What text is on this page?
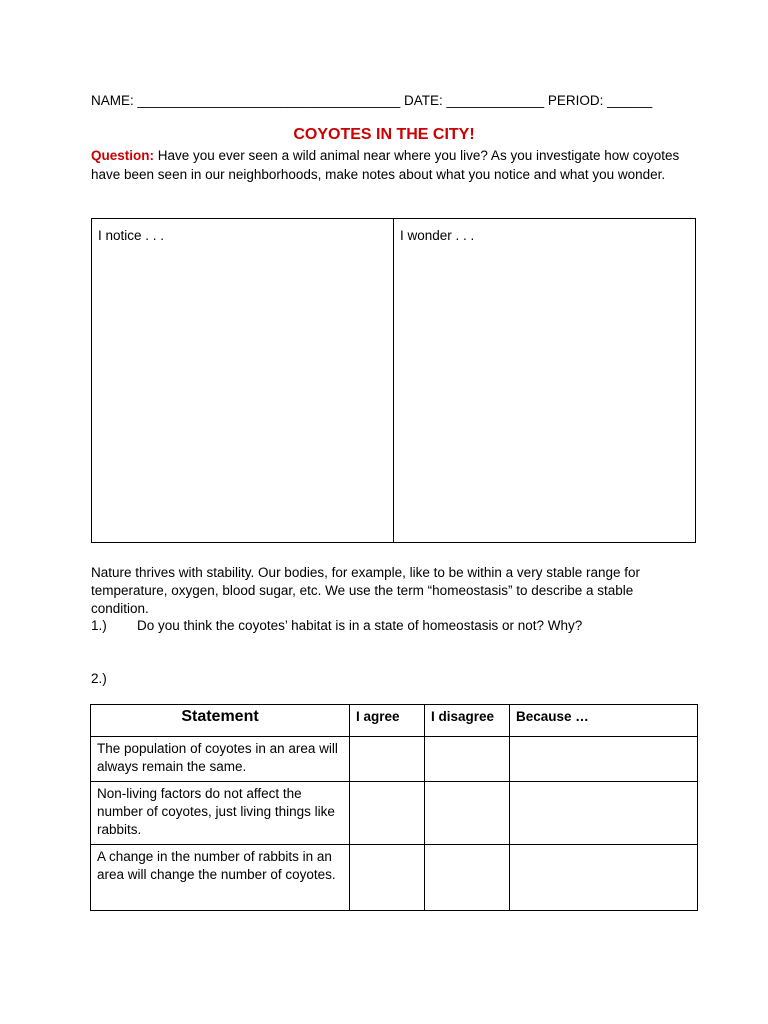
NAME: ___________________________________ DATE: _____________ PERIOD: ______
COYOTES IN THE CITY!
Question: Have you ever seen a wild animal near where you live? As you investigate how coyotes have been seen in our neighborhoods, make notes about what you notice and what you wonder.
I notice . . .	I wonder . . .
Nature thrives with stability. Our bodies, for example, like to be within a very stable range for temperature, oxygen, blood sugar, etc. We use the term “homeostasis” to describe a stable condition.
1.)	Do you think the coyotes’ habitat is in a state of homeostasis or not? Why?
2.)
Statement	I agree	I disagree	Because …
The population of coyotes in an area will always remain the same.			
Non-living factors do not affect the number of coyotes, just living things like rabbits.			
A change in the number of rabbits in an area will change the number of coyotes.			
